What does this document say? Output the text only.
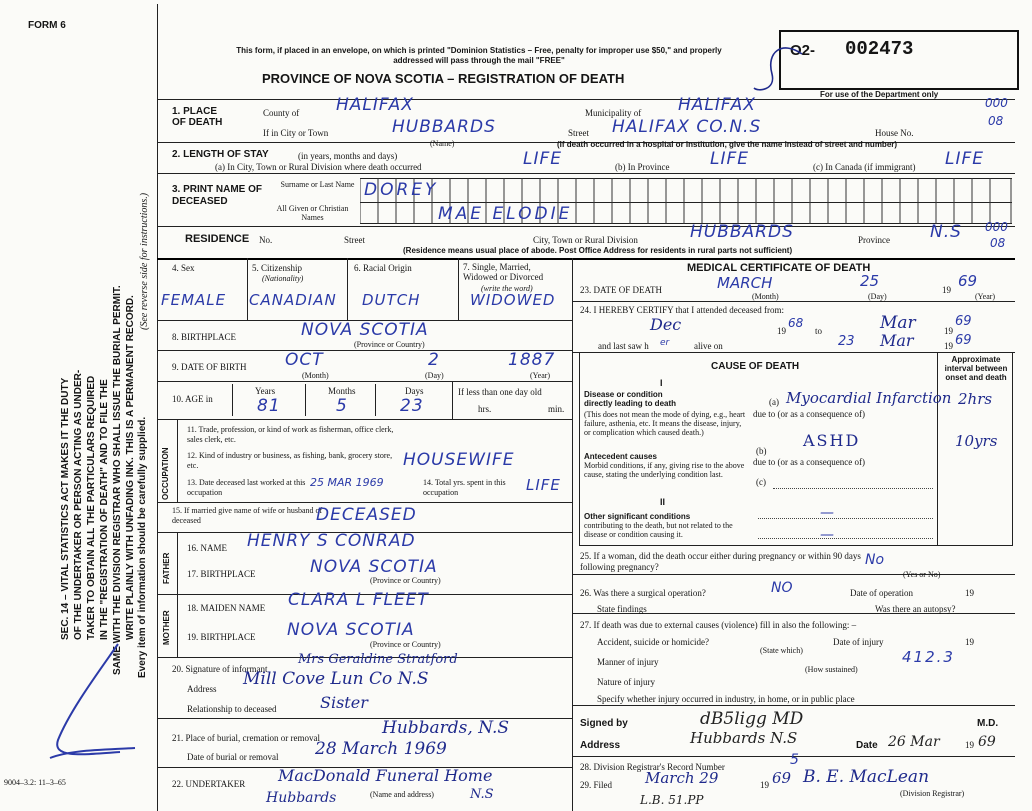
FORM 6
SEC. 14 – VITAL STATISTICS ACT MAKES IT THE DUTY OF THE UNDERTAKER OR PERSON ACTING AS UNDER- TAKER TO OBTAIN ALL THE PARTICULARS REQUIRED IN THE "REGISTRATION OF DEATH" AND TO FILE THE SAME WITH THE DIVISION REGISTRAR WHO SHALL ISSUE THE BURIAL PERMIT. WRITE PLAINLY WITH UNFADING INK. THIS IS A PERMANENT RECORD. Every item of information should be carefully supplied.
(See reverse side for instructions.)
9004–3.2: 11–3–65
This form, if placed in an envelope, on which is printed "Dominion Statistics – Free, penalty for improper use $50," and properly addressed will pass through the mail "FREE"
PROVINCE OF NOVA SCOTIA – REGISTRATION OF DEATH
O2- 002473
For use of the Department only
000
08
1. PLACE OF DEATH
County of HALIFAX	Municipality of HALIFAX
If in City or Town	HUBBARDS
(Name)
Street HALIFAX CO.N.S	House No.
(If death occurred in a hospital or institution, give the name instead of street and number)
2. LENGTH OF STAY	(in years, months and days)
(a) In City, Town or Rural Division where death occurred	LIFE	(b) In Province LIFE	(c) In Canada (if immigrant) LIFE
3. PRINT NAME OF DECEASED
Surname or Last Name DOREY
All Given or Christian Names	MAE ELODIE
RESIDENCE No.	Street	City, Town or Rural Division	HUBBARDS	Province N.S 000
08
(Residence means usual place of abode. Post Office Address for residents in rural parts not sufficient)
4. Sex
FEMALE
5. Citizenship
(Nationality)
CANADIAN
6. Racial Origin
DUTCH
7. Single, Married, Widowed or Divorced
(write the word)
WIDOWED
8. BIRTHPLACE	NOVA SCOTIA
(Province or Country)
9. DATE OF BIRTH OCT	2	1887
(Month)	(Day)	(Year)
10. AGE in
Years
81
Months
5
Days
23
If less than one day old
hrs.	min.
OCCUPATION
11. Trade, profession, or kind of work as fisherman, office clerk, sales clerk, etc.
12. Kind of industry or business, as fishing, bank, grocery store, etc.	HOUSEWIFE
13. Date deceased last worked at this occupation
25 MAR 1969	14. Total yrs. spent in this occupation	LIFE
15. If married give name of wife or husband of deceased	DECEASED
FATHER
16. NAME HENRY S CONRAD
17. BIRTHPLACE	NOVA SCOTIA
(Province or Country)
MOTHER
18. MAIDEN NAME CLARA L FLEET
19. BIRTHPLACE NOVA SCOTIA
(Province or Country)
20. Signature of informant
Mrs Geraldine Stratford
Address Mill Cove Lun Co N.S
Relationship to deceased	Sister
21. Place of burial, cremation or removal	Hubbards, N.S
Date of burial or removal 28 March 1969
22. UNDERTAKER MacDonald Funeral Home
Hubbards	(Name and address)	N.S
MEDICAL CERTIFICATE OF DEATH
23. DATE OF DEATH	MARCH	25	19 69
(Month)	(Day)	(Year)
24. I HEREBY CERTIFY that I attended deceased from:
Dec	19
68
to	Mar	19
69
and last saw h er	alive on	23 Mar	19 69
CAUSE OF DEATH
Approximate interval between onset and death
I
Disease or condition directly leading to death
(This does not mean the mode of dying, e.g., heart failure, asthenia, etc. It means the disease, injury, or complication which caused death.)
(a) Myocardial Infarction 2hrs
due to (or as a consequence of)
Antecedent causes
Morbid conditions, if any, giving rise to the above cause, stating the underlying condition last.
(b)
ASHD	10yrs
due to (or as a consequence of)
(c)
II
Other significant conditions
contributing to the death, but not related to the disease or condition causing it.
—
—
25. If a woman, did the death occur either during pregnancy or within 90 days following pregnancy?	No
(Yes or No)
26. Was there a surgical operation?	NO	Date of operation	19
State findings	Was there an autopsy?
27. If death was due to external causes (violence) fill in also the following: –
Accident, suicide or homicide?
(State which)
Date of injury	19
412.3
Manner of injury
(How sustained)
Nature of injury
Specify whether injury occurred in industry, in home, or in public place
Signed by	dB5ligg MD	M.D.
Address	Hubbards N.S	Date 26 Mar	19 69
28. Division Registrar's Record Number	5
29. Filed March 29	19 69 B. E. MacLean
(Division Registrar)
L.B. 51.PP
